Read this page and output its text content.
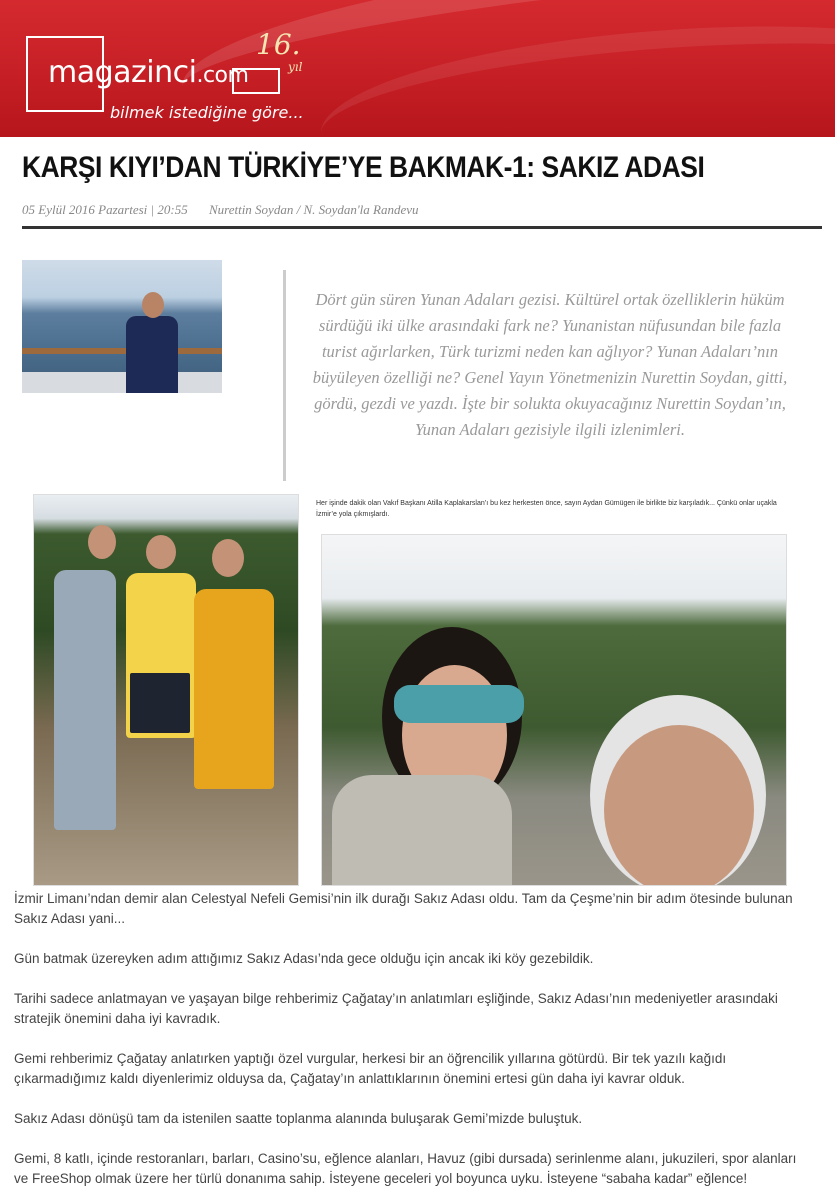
magazinci.com
16.
yıl
bilmek istediğine göre...
KARŞI KIYI’DAN TÜRKİYE’YE BAKMAK-1: SAKIZ ADASI
05 Eylül 2016 Pazartesi | 20:55 Nurettin Soydan / N. Soydan'la Randevu

Dört gün süren Yunan Adaları gezisi. Kültürel ortak özelliklerin hüküm sürdüğü iki ülke arasındaki fark ne? Yunanistan nüfusundan bile fazla turist ağırlarken, Türk turizmi neden kan ağlıyor? Yunan Adaları’nın büyüleyen özelliği ne? Genel Yayın Yönetmenizin Nurettin Soydan, gitti, gördü, gezdi ve yazdı. İşte bir solukta okuyacağınız Nurettin Soydan’ın, Yunan Adaları gezisiyle ilgili izlenimleri.

Her işinde dakik olan Vakıf Başkanı Atilla Kaplakarslan’ı bu kez herkesten önce, sayın Aydan Gümügen ile birlikte biz karşıladık... Çünkü onlar uçakla İzmir’e yola çıkmışlardı.

İzmir Limanı’ndan demir alan Celestyal Nefeli Gemisi’nin ilk durağı Sakız Adası oldu. Tam da Çeşme’nin bir adım ötesinde bulunan Sakız Adası yani...

Gün batmak üzereyken adım attığımız Sakız Adası’nda gece olduğu için ancak iki köy gezebildik.

Tarihi sadece anlatmayan ve yaşayan bilge rehberimiz Çağatay’ın anlatımları eşliğinde, Sakız Adası’nın medeniyetler arasındaki stratejik önemini daha iyi kavradık.

Gemi rehberimiz Çağatay anlatırken yaptığı özel vurgular, herkesi bir an öğrencilik yıllarına götürdü. Bir tek yazılı kağıdı çıkarmadığımız kaldı diyenlerimiz olduysa da, Çağatay’ın anlattıklarının önemini ertesi gün daha iyi kavrar olduk.

Sakız Adası dönüşü tam da istenilen saatte toplanma alanında buluşarak Gemi’mizde buluştuk.

Gemi, 8 katlı, içinde restoranları, barları, Casino’su, eğlence alanları, Havuz (gibi dursada) serinlenme alanı, jukuzileri, spor alanları ve FreeShop olmak üzere her türlü donanıma sahip. İsteyene geceleri yol boyunca uyku. İsteyene “sabaha kadar” eğlence!
